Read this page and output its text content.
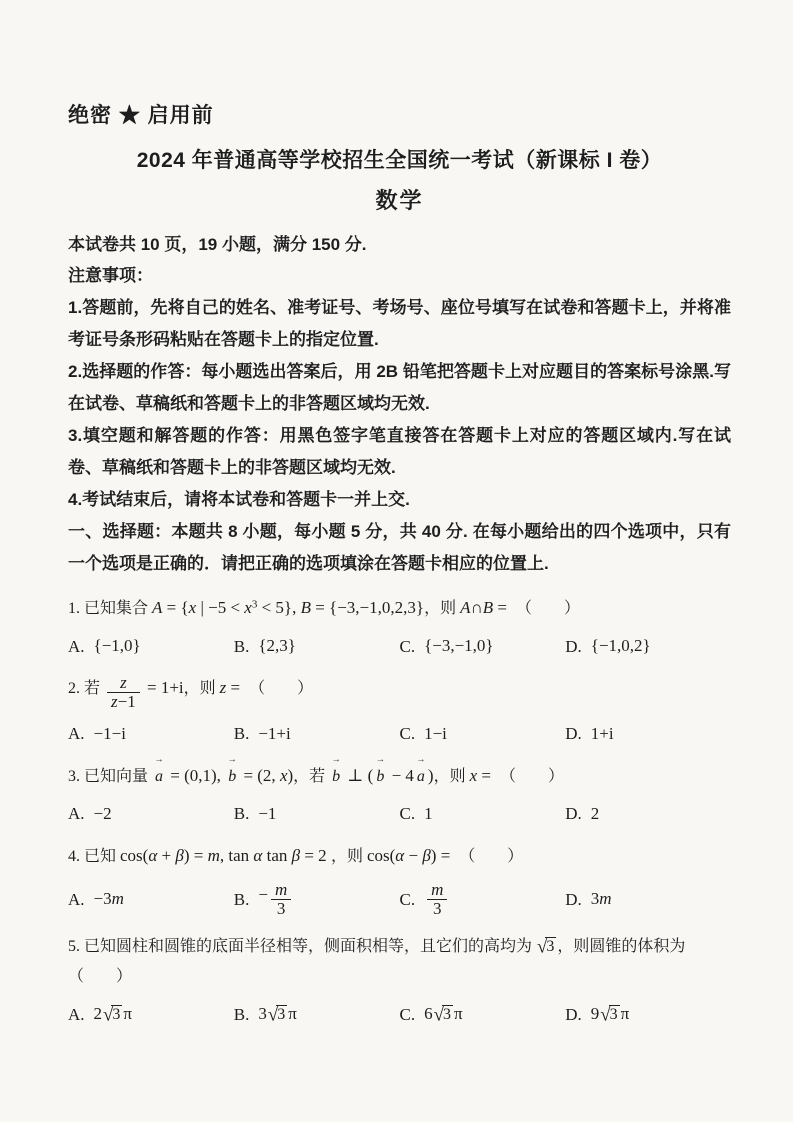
绝密 ★ 启用前
2024 年普通高等学校招生全国统一考试（新课标 I 卷）
数学

本试卷共 10 页，19 小题，满分 150 分.

注意事项：

1.答题前，先将自己的姓名、准考证号、考场号、座位号填写在试卷和答题卡上，并将准考证号条形码粘贴在答题卡上的指定位置.

2.选择题的作答：每小题选出答案后，用 2B 铅笔把答题卡上对应题目的答案标号涂黑.写在试卷、草稿纸和答题卡上的非答题区域均无效.

3.填空题和解答题的作答：用黑色签字笔直接答在答题卡上对应的答题区域内.写在试卷、草稿纸和答题卡上的非答题区域均无效.

4.考试结束后，请将本试卷和答题卡一并上交.

一、选择题：本题共 8 小题，每小题 5 分，共 40 分. 在每小题给出的四个选项中，只有一个选项是正确的．请把正确的选项填涂在答题卡相应的位置上.

1. 已知集合 A = {x | $-5 < x^3 < 5$}, B = {−3,−1,0,2,3}，则 A∩B =　（　　）
A. {−1,0}	B. {2,3}	C. {−3,−1,0}	D. {−1,0,2}
2. 若 $\frac{z}{z-1} = 1+i$，则 z =　（　　）
A. −1−i	B. −1+i	C. 1−i	D. 1+i
3. 已知向量
→
a = (0,1),
→
b = (2, x)，若
→
b ⊥ (
→
b − 4
→
a )，则 x =　（　　）
A. −2	B. −1	C. 1	D. 2
4. 已知 cos(α + β) = m, tan α tan β = 2 ，则 cos(α − β) =　（　　）
A. −3m	B. − $\frac{m}{3}$	C. $\frac{m}{3}$	D. 3m
5. 已知圆柱和圆锥的底面半径相等，侧面积相等，且它们的高均为 √3 ，则圆锥的体积为（　　）
A. 2√3 π	B. 3√3 π	C. 6√3 π	D. 9√3 π
